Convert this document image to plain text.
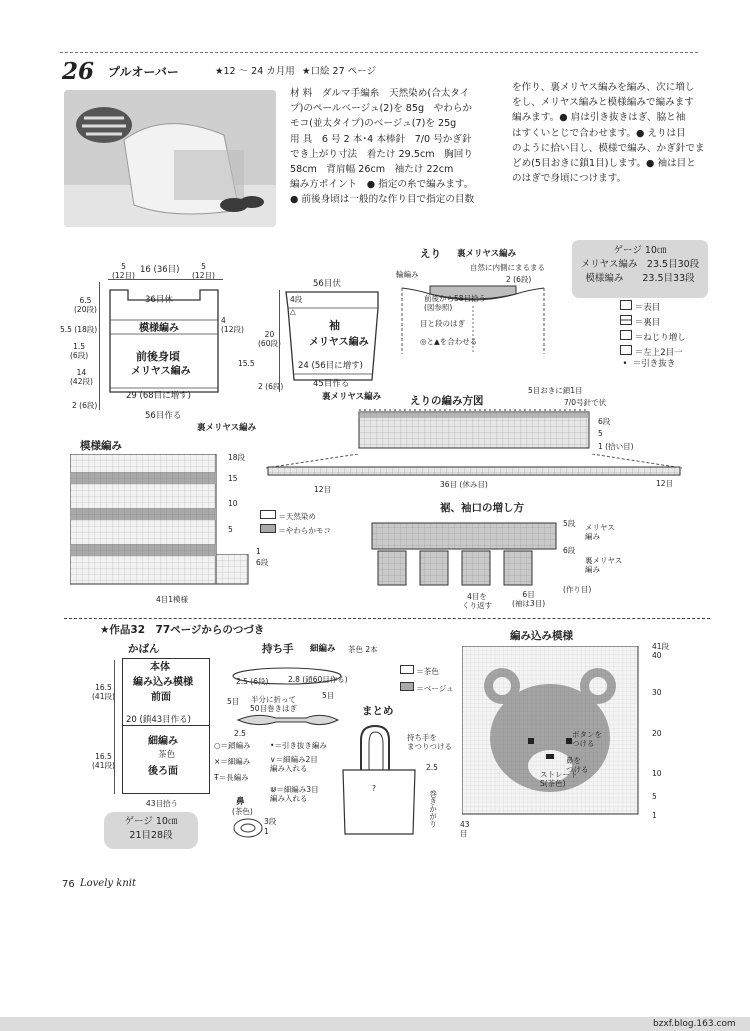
26 プルオーバー	★12 ～ 24 カ月用 ★口絵 27 ページ
材 料　ダルマ手編糸　天然染め(合太タイ
プ)のペールベージュ(2)を 85g　やわらか
モコ(並太タイプ)のベージュ(7)を 25g
用 具　6 号 2 本･4 本棒針　7/0 号かぎ針
でき上がり寸法　着たけ 29.5cm　胸回り
58cm　背肩幅 26cm　袖たけ 22cm
編み方ポイント　● 指定の糸で編みます。
● 前後身頃は一般的な作り目で指定の目数
を作り、裏メリヤス編みを編み、次に増し
をし、メリヤス編みと模様編みで編みます
編みます。● 肩は引き抜きはぎ、脇と袖
はすくいとじで合わせます。● えりは目
のように拾い目し、模様で編み、かぎ針でま
どめ(5目おきに鎖1目)します。● 袖は目と
のはぎで身頃につけます。
ゲージ 10㎝
メリヤス編み　23.5目30段
模様編み　　23.5目33段
＝表目
＝裏目
＝ねじり増し
＝左上2目一
• ＝引き抜き
5
(12目)
16 (36目)	5
(12目)
6.5
(20段)
5.5 (18段)
1.5
(6段)
14
(42段)
2 (6段)
36目休
模様編み
前後身頃
メリヤス編み
29 (68目に増す)
56目作る
裏メリヤス編み
4
(12段)
15.5
56目伏
4段
△
20
(60段)
袖
メリヤス編み
24 (56目に増す)
45目作る
2 (6段)
裏メリヤス編み
えり 裏メリヤス編み
自然に内側にまるまる
2 (6段)
輪編み
前後から58目拾う
(図参照)
目と段のはぎ
◎と▲を合わせる
えりの編み方図
5目おきに鎖1目
7/0号針で伏
6段
5
1 (拾い目)
12目
36目 (休み目)	12目
模様編み
18段
15
10
5
1
6段
4目1模様
＝天然染め
＝やわらかモコ
裾、袖口の増し方
5段 メリヤス
編み
6段
裏メリヤス
編み
(作り目)
4目を
くり返す
6目
(袖は3目)
★作品32　77ページからのつづき
かばん
本体
編み込み模様
前面
20 (鎖43目作る)
細編み
茶色
後ろ面
16.5
(41段)
16.5
(41段)
43目拾う
持ち手 細編み 茶色 2本
2.5 (6段)	2.8 (鎖60目作る)
5目
5目
半分に折って
50目巻きはぎ
2.5
○＝鎖編み	•＝引き抜き編み
×＝細編み	∨＝細編み2目
編み入れる
Ŧ＝長編み
⋓＝細編み3目
編み入れる
鼻
(茶色)
3段
1
まとめ
持ち手を
まつりつける
2.5
?
巻きかがり
＝茶色
＝ベージュ
編み込み模様
41段
40
30
20
10
5
1
43
目
ボタンを
つける
鼻を
つける
ストレート
S(茶色)
ゲージ 10㎝
21目28段
76 Lovely knit
bzxf.blog.163.com
